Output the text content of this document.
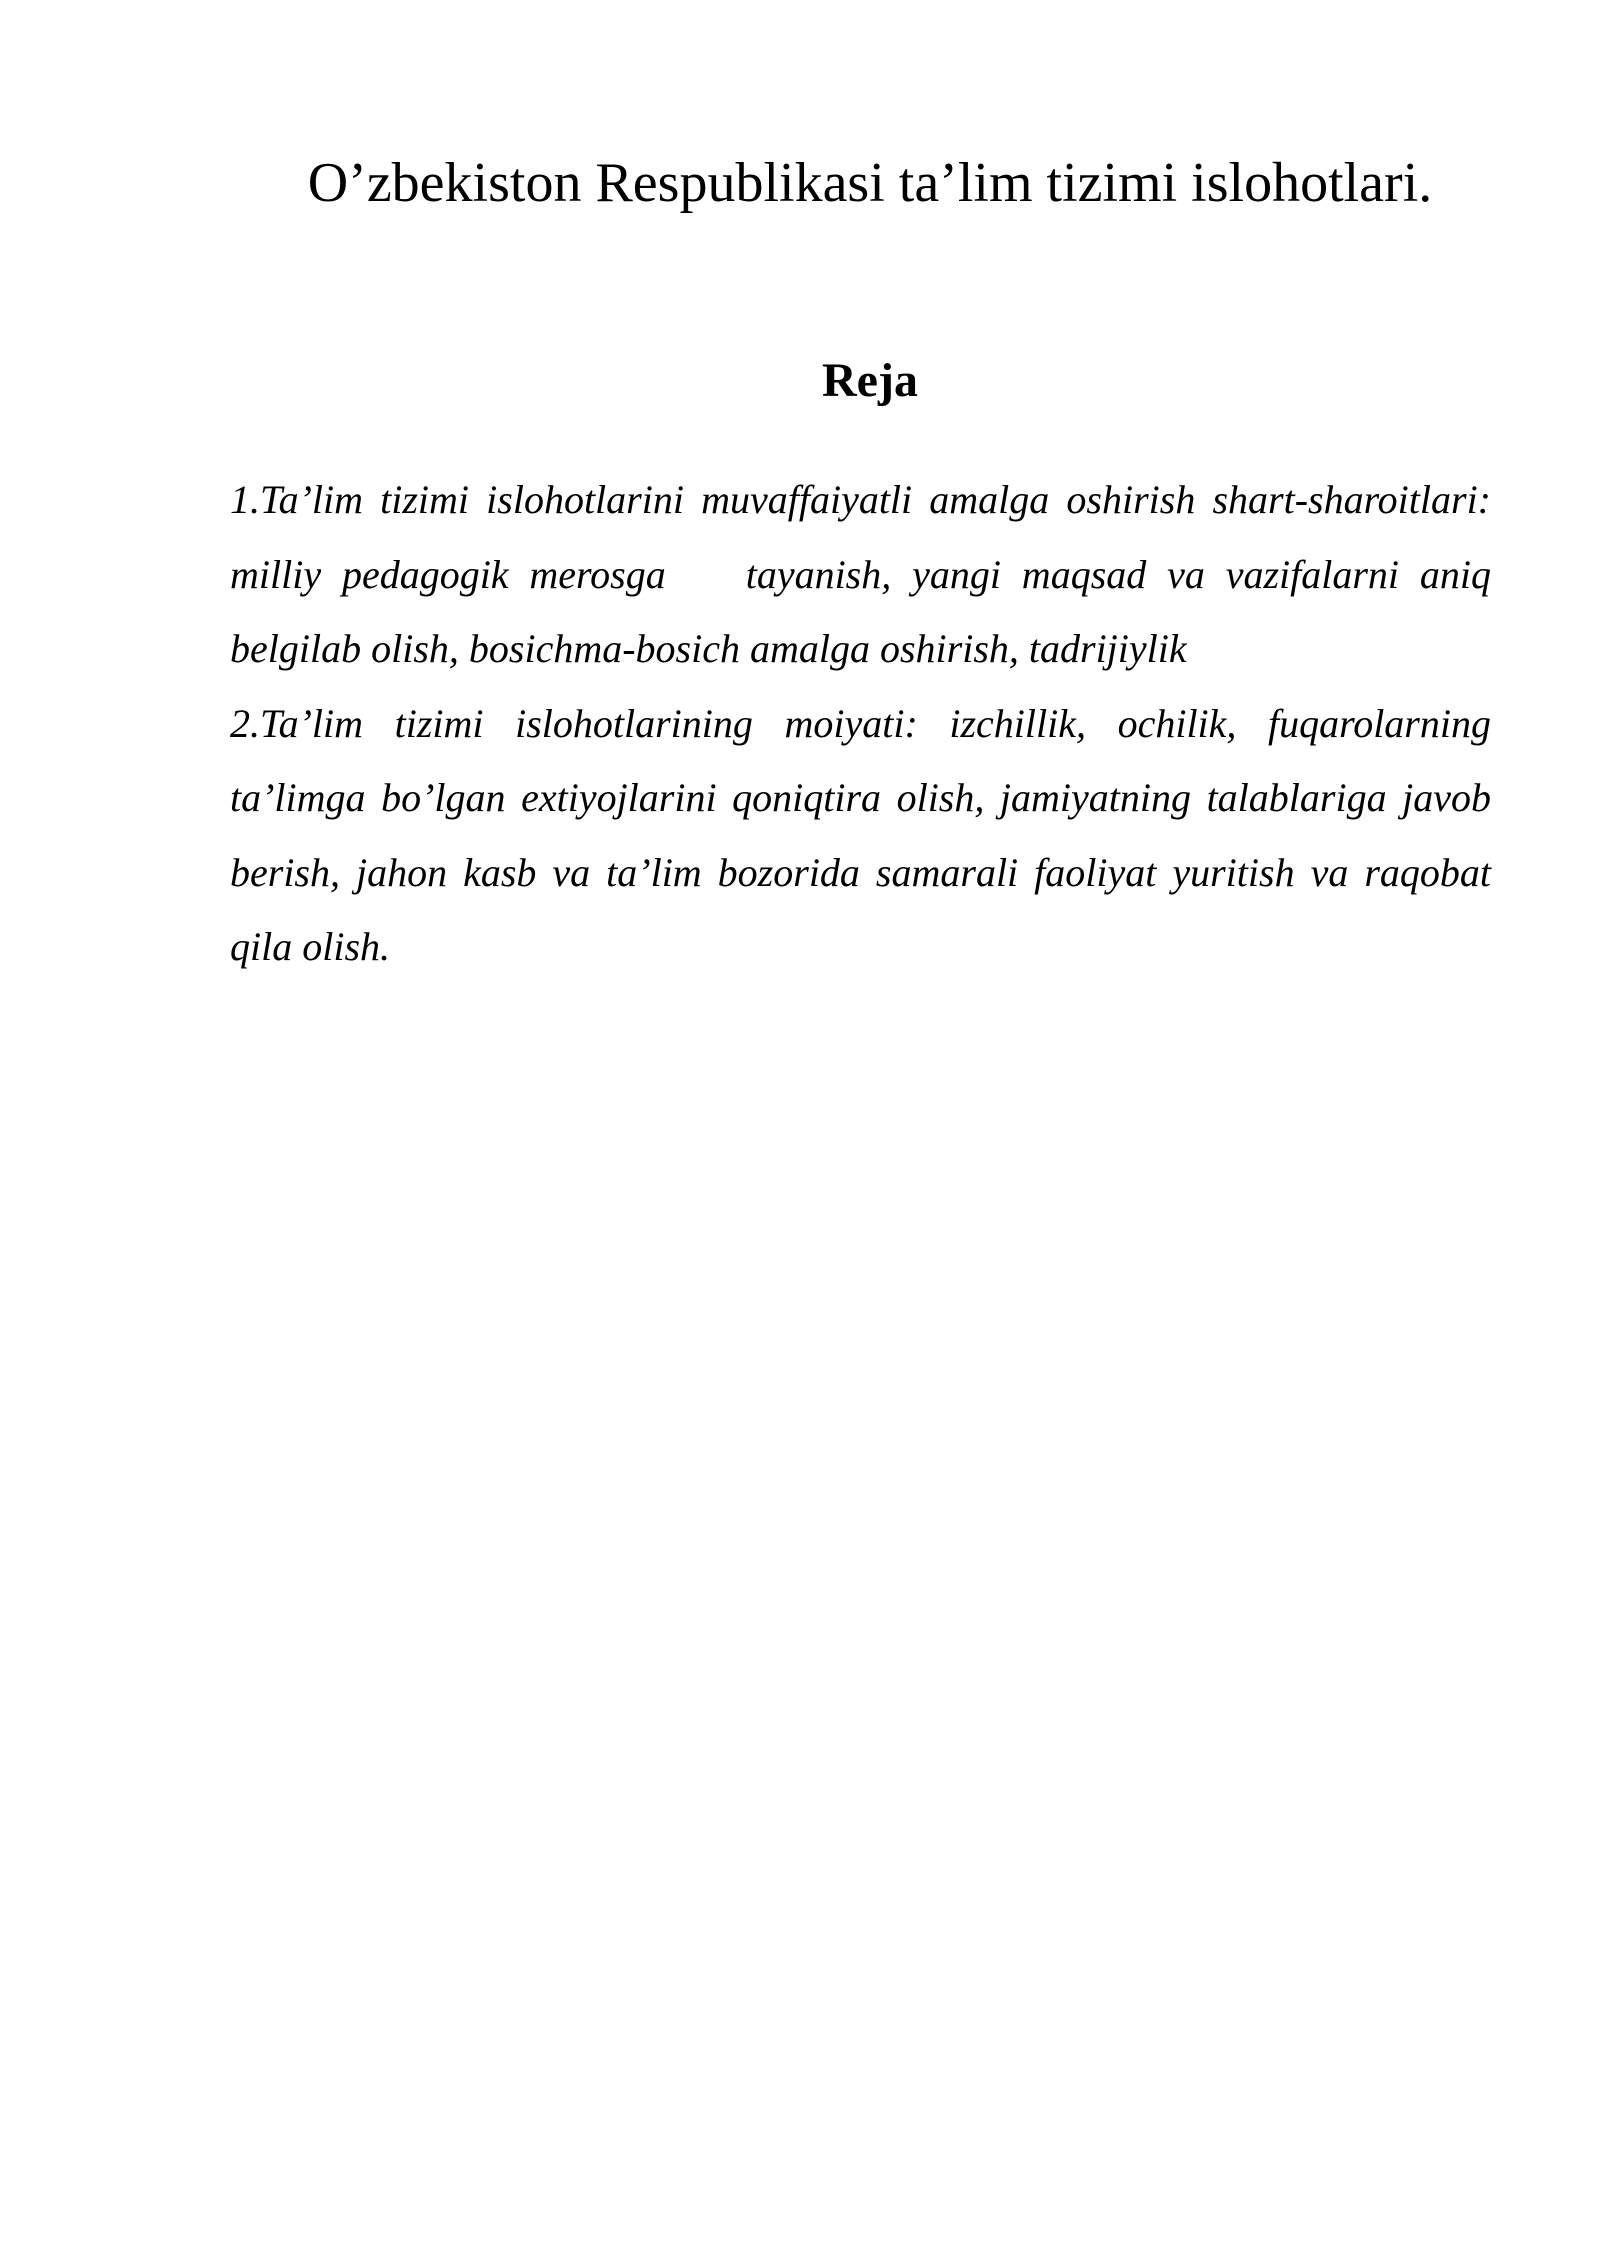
O’zbekiston Respublikasi ta’lim tizimi islohotlari.
Reja

1.Ta’lim tizimi islohotlarini muvaffaiyatli amalga oshirish shart-sharoitlari: milliy pedagogik merosga tayanish, yangi maqsad va vazifalarni aniq belgilab olish, bosichma-bosich amalga oshirish, tadrijiylik

2.Ta’lim tizimi islohotlarining moiyati: izchillik, ochilik, fuqarolarning ta’limga bo’lgan extiyojlarini qoniqtira olish, jamiyatning talablariga javob berish, jahon kasb va ta’lim bozorida samarali faoliyat yuritish va raqobat qila olish.
